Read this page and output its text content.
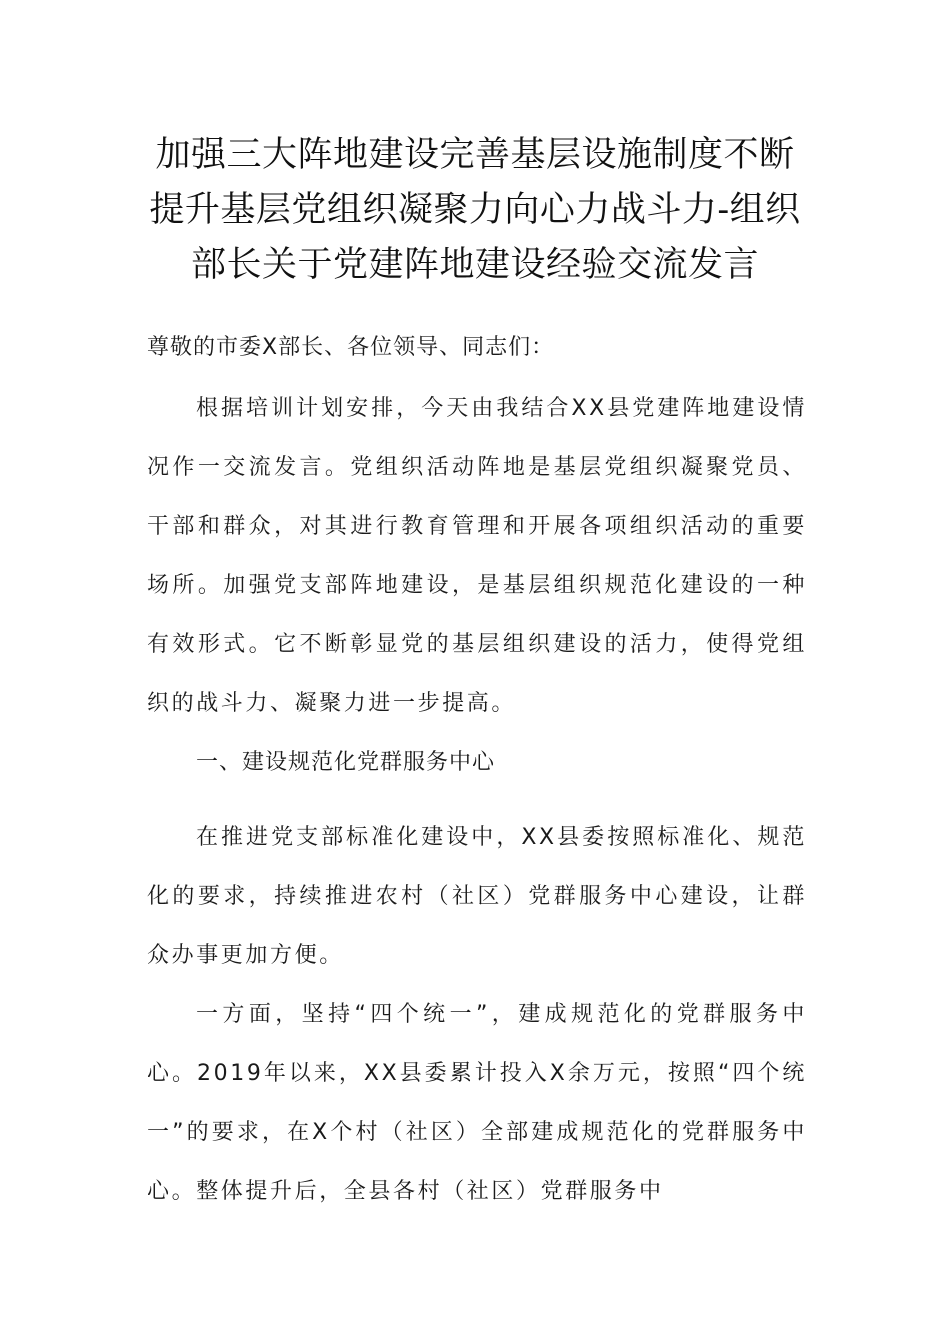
加强三大阵地建设完善基层设施制度不断
提升基层党组织凝聚力向心力战斗力-组织
部长关于党建阵地建设经验交流发言

尊敬的市委X部长、各位领导、同志们：

根据培训计划安排，今天由我结合XX县党建阵地建设情况作一交流发言。党组织活动阵地是基层党组织凝聚党员、干部和群众，对其进行教育管理和开展各项组织活动的重要场所。加强党支部阵地建设，是基层组织规范化建设的一种有效形式。它不断彰显党的基层组织建设的活力，使得党组织的战斗力、凝聚力进一步提高。

一、建设规范化党群服务中心

在推进党支部标准化建设中，XX县委按照标准化、规范化的要求，持续推进农村（社区）党群服务中心建设，让群众办事更加方便。

一方面，坚持“四个统一”，建成规范化的党群服务中心。2019年以来，XX县委累计投入X余万元，按照“四个统一”的要求，在X个村（社区）全部建成规范化的党群服务中心。整体提升后，全县各村（社区）党群服务中
